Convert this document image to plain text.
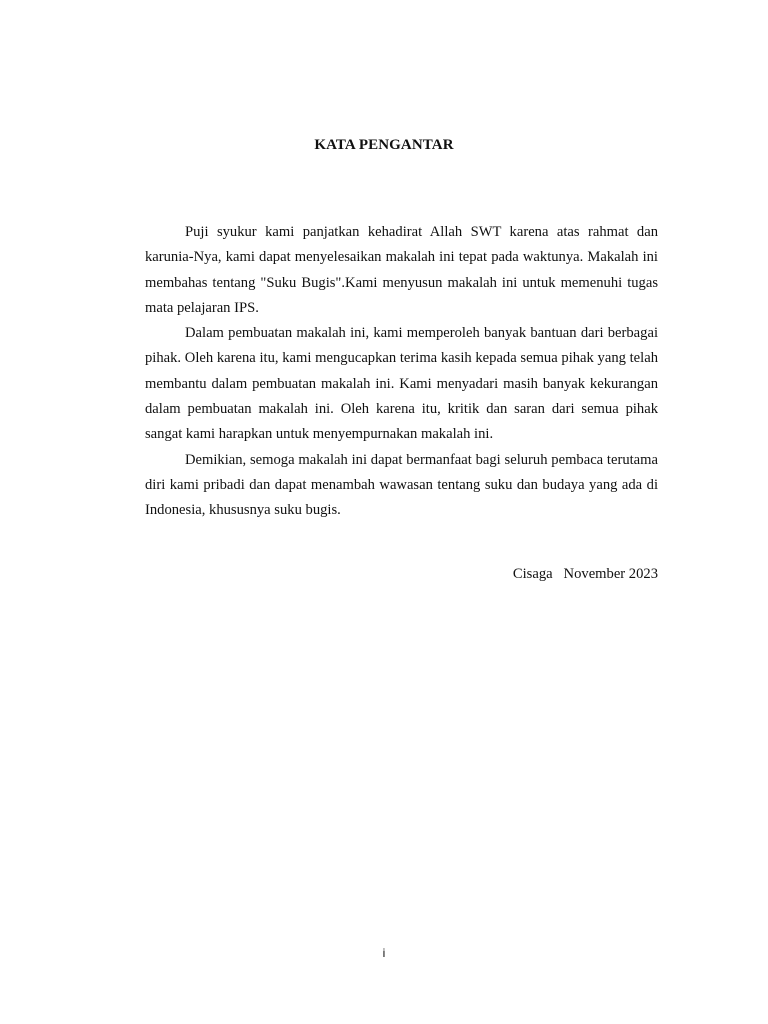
KATA PENGANTAR

Puji syukur kami panjatkan kehadirat Allah SWT karena atas rahmat dan karunia-Nya, kami dapat menyelesaikan makalah ini tepat pada waktunya. Makalah ini membahas tentang "Suku Bugis".Kami menyusun makalah ini untuk memenuhi tugas mata pelajaran IPS.

Dalam pembuatan makalah ini, kami memperoleh banyak bantuan dari berbagai pihak. Oleh karena itu, kami mengucapkan terima kasih kepada semua pihak yang telah membantu dalam pembuatan makalah ini. Kami menyadari masih banyak kekurangan dalam pembuatan makalah ini. Oleh karena itu, kritik dan saran dari semua pihak sangat kami harapkan untuk menyempurnakan makalah ini.

Demikian, semoga makalah ini dapat bermanfaat bagi seluruh pembaca terutama diri kami pribadi dan dapat menambah wawasan tentang suku dan budaya yang ada di Indonesia, khususnya suku bugis.

Cisaga   November 2023
i
